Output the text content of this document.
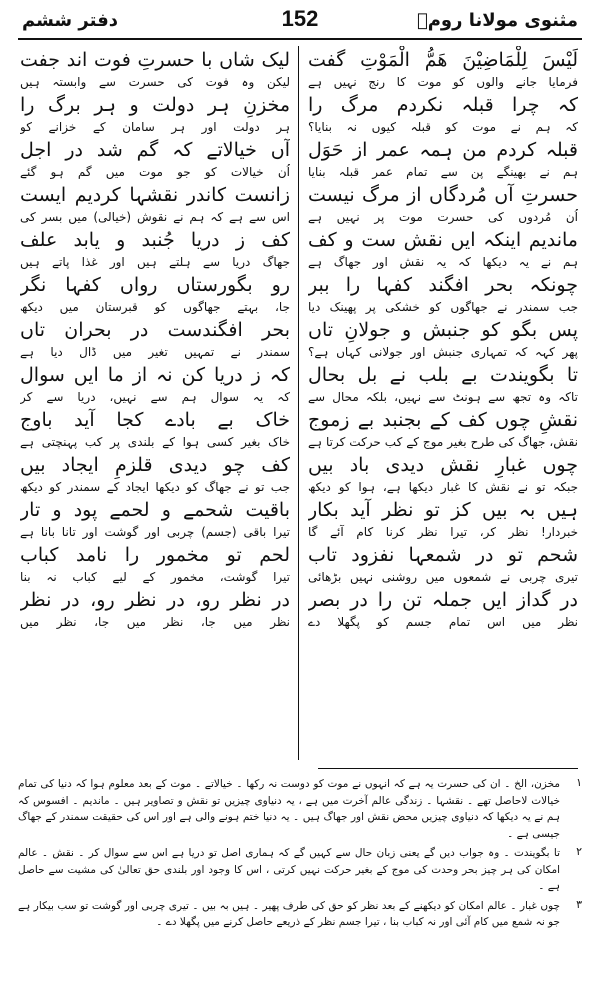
مثنوی مولانا رومؒ
152
دفتر ششم

لَيْسَ لِلْمَاضِيْنَ هَمُّ الْمَوْتِ گفت

فرمایا جانے والوں کو موت کا رنج نہیں ہے

کہ چرا قبلہ نکردم مرگ را

کہ ہم نے موت کو قبلہ کیوں نہ بنایا؟

قبلہ کردم من ہمہ عمر از حَوَل

ہم نے بھینگے پن سے تمام عمر قبلہ بنایا

حسرتِ آں مُردگاں از مرگ نیست

اُن مُردوں کی حسرت موت پر نہیں ہے

ماندیم اینکہ ایں نقش ست و کف

ہم نے یہ دیکھا کہ یہ نقش اور جھاگ ہے

چونکہ بحر افگند کفہا را ببر

جب سمندر نے جھاگوں کو خشکی پر پھینک دیا

پس بگو کو جنبش و جولانِ تاں

پھر کہہ کہ تمہاری جنبش اور جولانی کہاں ہے؟

تا بگویندت بے بلب نے بل بحال

تاکہ وہ تجھ سے ہونٹ سے نہیں، بلکہ محال سے

نقشِ چوں کف کے بجنبد بے زموج

نقش، جھاگ کی طرح بغیر موج کے کب حرکت کرتا ہے

چوں غبارِ نقش دیدی باد بیں

جبکہ تو نے نقش کا غبار دیکھا ہے، ہوا کو دیکھ

ہیں بہ بیں کز تو نظر آید بکار

خبردار! نظر کر، تیرا نظر کرنا کام آئے گا

شحم تو در شمعہا نفزود تاب

تیری چربی نے شمعوں میں روشنی نہیں بڑھائی

در گداز ایں جملہ تن را در بصر

نظر میں اس تمام جسم کو پگھلا دے

لیک شاں با حسرتِ فوت اند جفت

لیکن وہ فوت کی حسرت سے وابستہ ہیں

مخزنِ ہر دولت و ہر برگ را

ہر دولت اور ہر سامان کے خزانے کو

آں خیالاتے کہ گم شد در اجل

اُن خیالات کو جو موت میں گم ہو گئے

زانست کاندر نقشہا کردیم ایست

اس سے ہے کہ ہم نے نقوش (خیالی) میں بسر کی

کف ز دریا جُنبد و یابد علف

جھاگ دریا سے ہلتے ہیں اور غذا پاتے ہیں

رو بگورستاں رواں کفہا نگر

جا، بہتے جھاگوں کو قبرستان میں دیکھ

بحر افگندست در بحران تاں

سمندر نے تمہیں تغیر میں ڈال دیا ہے

کہ ز دریا کن نہ از ما ایں سوال

کہ یہ سوال ہم سے نہیں، دریا سے کر

خاک بے بادے کجا آید باوج

خاک بغیر کسی ہوا کے بلندی پر کب پہنچتی ہے

کف چو دیدی قلزمِ ایجاد بیں

جب تو نے جھاگ کو دیکھا ایجاد کے سمندر کو دیکھ

باقیت شحمے و لحمے پود و تار

تیرا باقی (جسم) چربی اور گوشت اور تانا بانا ہے

لحم تو مخمور را نامد کباب

تیرا گوشت، مخمور کے لیے کباب نہ بنا

در نظر رو، در نظر رو، در نظر

نظر میں جا، نظر میں جا، نظر میں

۱
مخزن، الخ ۔ ان کی حسرت یہ ہے کہ انہوں نے موت کو دوست نہ رکھا ۔ خیالاتے ۔ موت کے بعد معلوم ہوا کہ دنیا کی تمام خیالات لاحاصل تھے ۔ نقشہا ۔ زندگی عالم آخرت میں ہے ، یہ دنیاوی چیزیں تو نقش و تصاویر ہیں ۔ ماندیم ۔ افسوس کہ ہم نے یہ دیکھا کہ دنیاوی چیزیں محض نقش اور جھاگ ہیں ۔ یہ دنیا ختم ہونے والی ہے اور اس کی حقیقت سمندر کے جھاگ جیسی ہے ۔
۲
تا بگویندت ۔ وہ جواب دیں گے یعنی زبان حال سے کہیں گے کہ ہماری اصل تو دریا ہے اس سے سوال کر ۔ نقش ۔ عالم امکان کی ہر چیز بحر وحدت کی موج کے بغیر حرکت نہیں کرتی ، اس کا وجود اور بلندی حق تعالیٰ کی مشیت سے حاصل ہے ۔
۳
چوں غبار ۔ عالم امکان کو دیکھنے کے بعد نظر کو حق کی طرف پھیر ۔ ہیں بہ بیں ۔ تیری چربی اور گوشت تو سب بیکار ہے جو نہ شمع میں کام آئی اور نہ کباب بنا ، تیرا جسم نظر کے ذریعے حاصل کرنے میں پگھلا دے ۔
